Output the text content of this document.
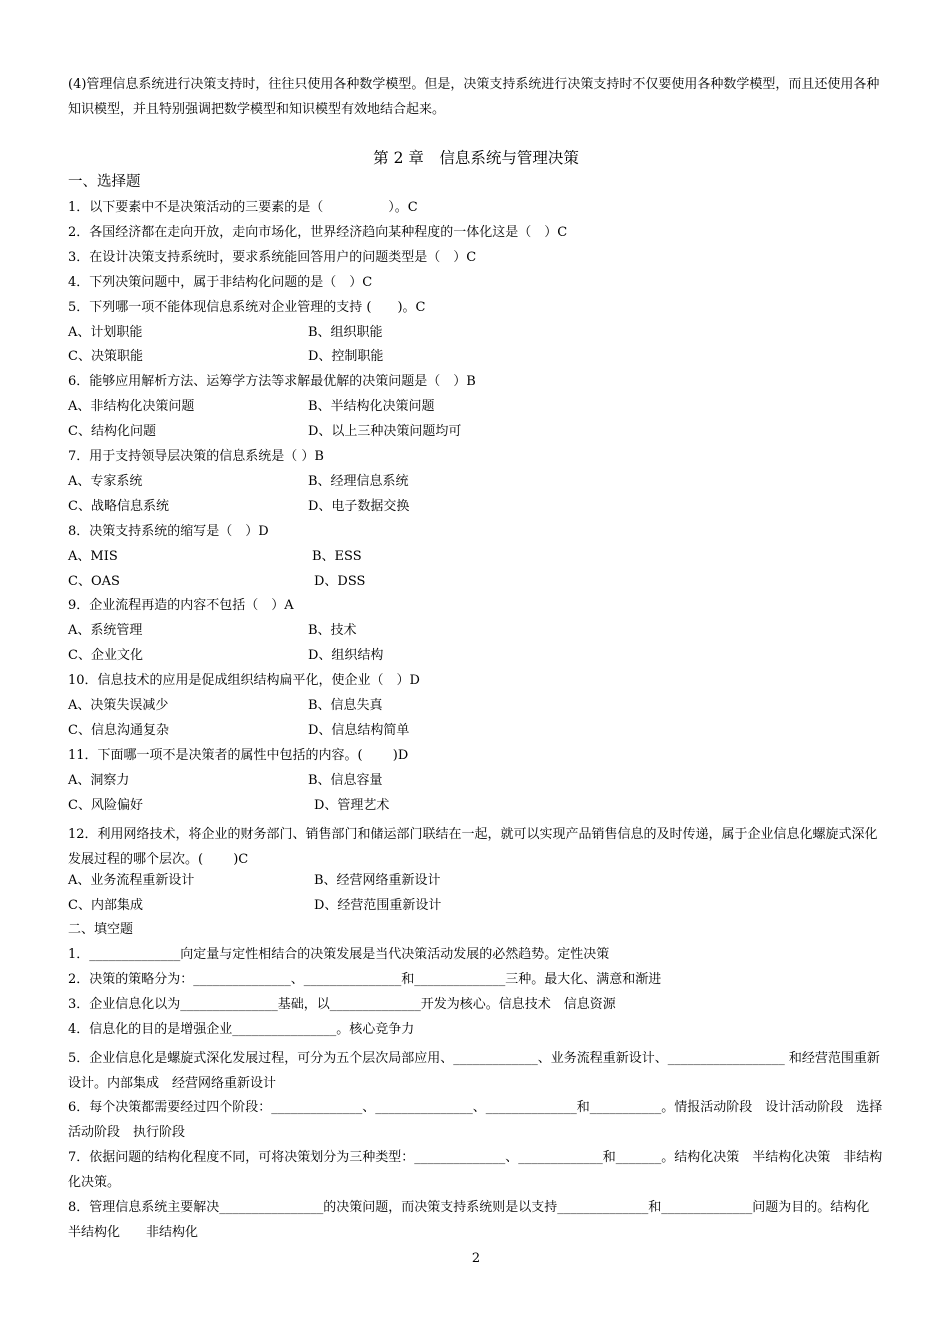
(4)管理信息系统进行决策支持时，往往只使用各种数学模型。但是，决策支持系统进行决策支持时不仅要使用各种数学模型，而且还使用各种知识模型，并且特别强调把数学模型和知识模型有效地结合起来。
第 2 章　信息系统与管理决策
一、选择题
1．以下要素中不是决策活动的三要素的是（　　　　　）。C
2．各国经济都在走向开放，走向市场化，世界经济趋向某种程度的一体化这是（　）C
3．在设计决策支持系统时，要求系统能回答用户的问题类型是（　）C
4．下列决策问题中，属于非结构化问题的是（　）C
5．下列哪一项不能体现信息系统对企业管理的支持 (　　)。C
A、计划职能	B、组织职能
C、决策职能	D、控制职能
6．能够应用解析方法、运筹学方法等求解最优解的决策问题是（　）B
A、非结构化决策问题	B、半结构化决策问题
C、结构化问题	D、以上三种决策问题均可
7．用于支持领导层决策的信息系统是（ ）B
A、专家系统	B、经理信息系统
C、战略信息系统	D、电子数据交换
8．决策支持系统的缩写是（　）D
A、MIS	B、ESS
C、OAS	D、DSS
9．企业流程再造的内容不包括（　）A
A、系统管理	B、技术
C、企业文化	D、组织结构
10．信息技术的应用是促成组织结构扁平化，使企业（　）D
A、决策失误减少	B、信息失真
C、信息沟通复杂	D、信息结构简单
11．下面哪一项不是决策者的属性中包括的内容。(　　 )D
A、洞察力	B、信息容量
C、风险偏好	D、管理艺术
12．利用网络技术，将企业的财务部门、销售部门和储运部门联结在一起，就可以实现产品销售信息的及时传递，属于企业信息化螺旋式深化发展过程的哪个层次。(　　 )C
A、业务流程重新设计	B、经营网络重新设计
C、内部集成	D、经营范围重新设计
二、填空题
1．______________向定量与定性相结合的决策发展是当代决策活动发展的必然趋势。定性决策
2．决策的策略分为：_______________、_______________和______________三种。最大化、满意和渐进
3．企业信息化以为_______________基础，以______________开发为核心。信息技术　信息资源
4．信息化的目的是增强企业________________。核心竞争力
5．企业信息化是螺旋式深化发展过程，可分为五个层次局部应用、_____________、业务流程重新设计、__________________ 和经营范围重新设计。内部集成　经营网络重新设计
6．每个决策都需要经过四个阶段：______________、_______________、______________和___________。情报活动阶段　设计活动阶段　选择活动阶段　执行阶段
7．依据问题的结构化程度不同，可将决策划分为三种类型：______________、_____________和_______。结构化决策　半结构化决策　非结构化决策。
8．管理信息系统主要解决________________的决策问题，而决策支持系统则是以支持______________和______________问题为目的。结构化　　半结构化　　非结构化
2
